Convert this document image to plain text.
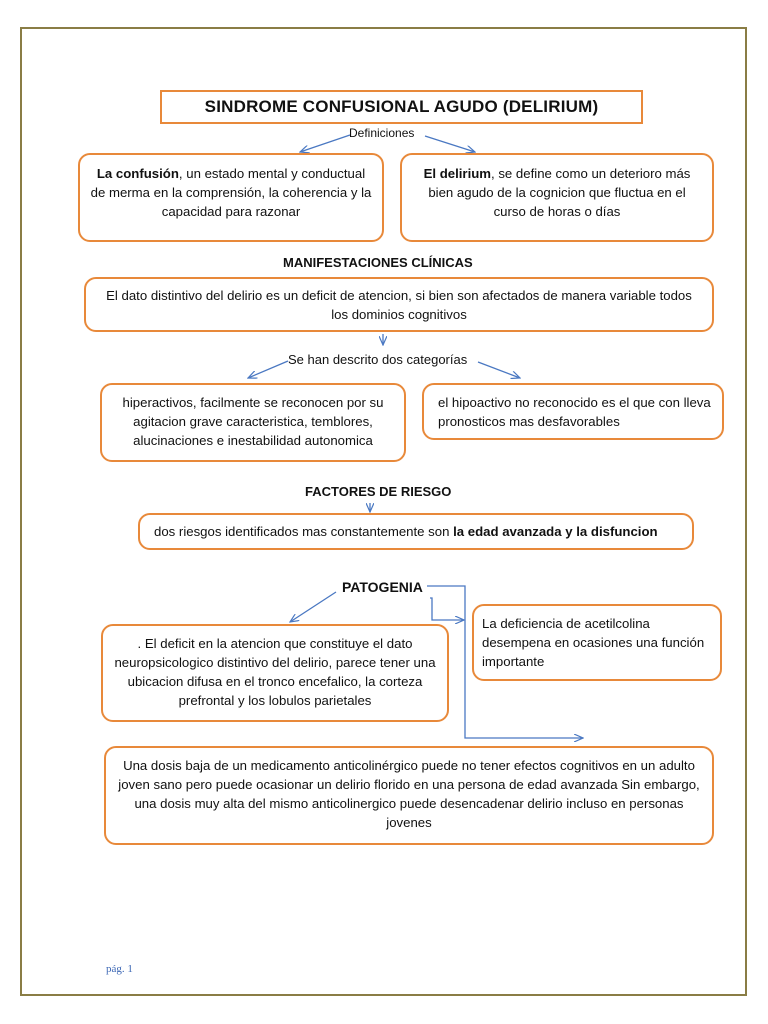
SINDROME CONFUSIONAL AGUDO (DELIRIUM)
Definiciones
La confusión, un estado mental y conductual de merma en la comprensión, la coherencia y la capacidad para razonar
El delirium, se define como un deterioro más bien agudo de la cognicion que fluctua en el curso de horas o días
MANIFESTACIONES CLÍNICAS
El dato distintivo del delirio es un deficit de atencion, si bien son afectados de manera variable todos los dominios cognitivos
Se han descrito dos categorías
hiperactivos, facilmente se reconocen por su agitacion grave caracteristica, temblores, alucinaciones e inestabilidad autonomica
el hipoactivo no reconocido es el que con lleva pronosticos mas desfavorables
FACTORES DE RIESGO
dos riesgos identificados mas constantemente son la edad avanzada y la disfuncion
PATOGENIA
La deficiencia de acetilcolina desempena en ocasiones una función importante
. El deficit en la atencion que constituye el dato neuropsicologico distintivo del delirio, parece tener una ubicacion difusa en el tronco encefalico, la corteza prefrontal y los lobulos parietales
Una dosis baja de un medicamento anticolinérgico puede no tener efectos cognitivos en un adulto joven sano pero puede ocasionar un delirio florido en una persona de edad avanzada Sin embargo, una dosis muy alta del mismo anticolinergico puede desencadenar delirio incluso en personas jovenes
pág. 1
